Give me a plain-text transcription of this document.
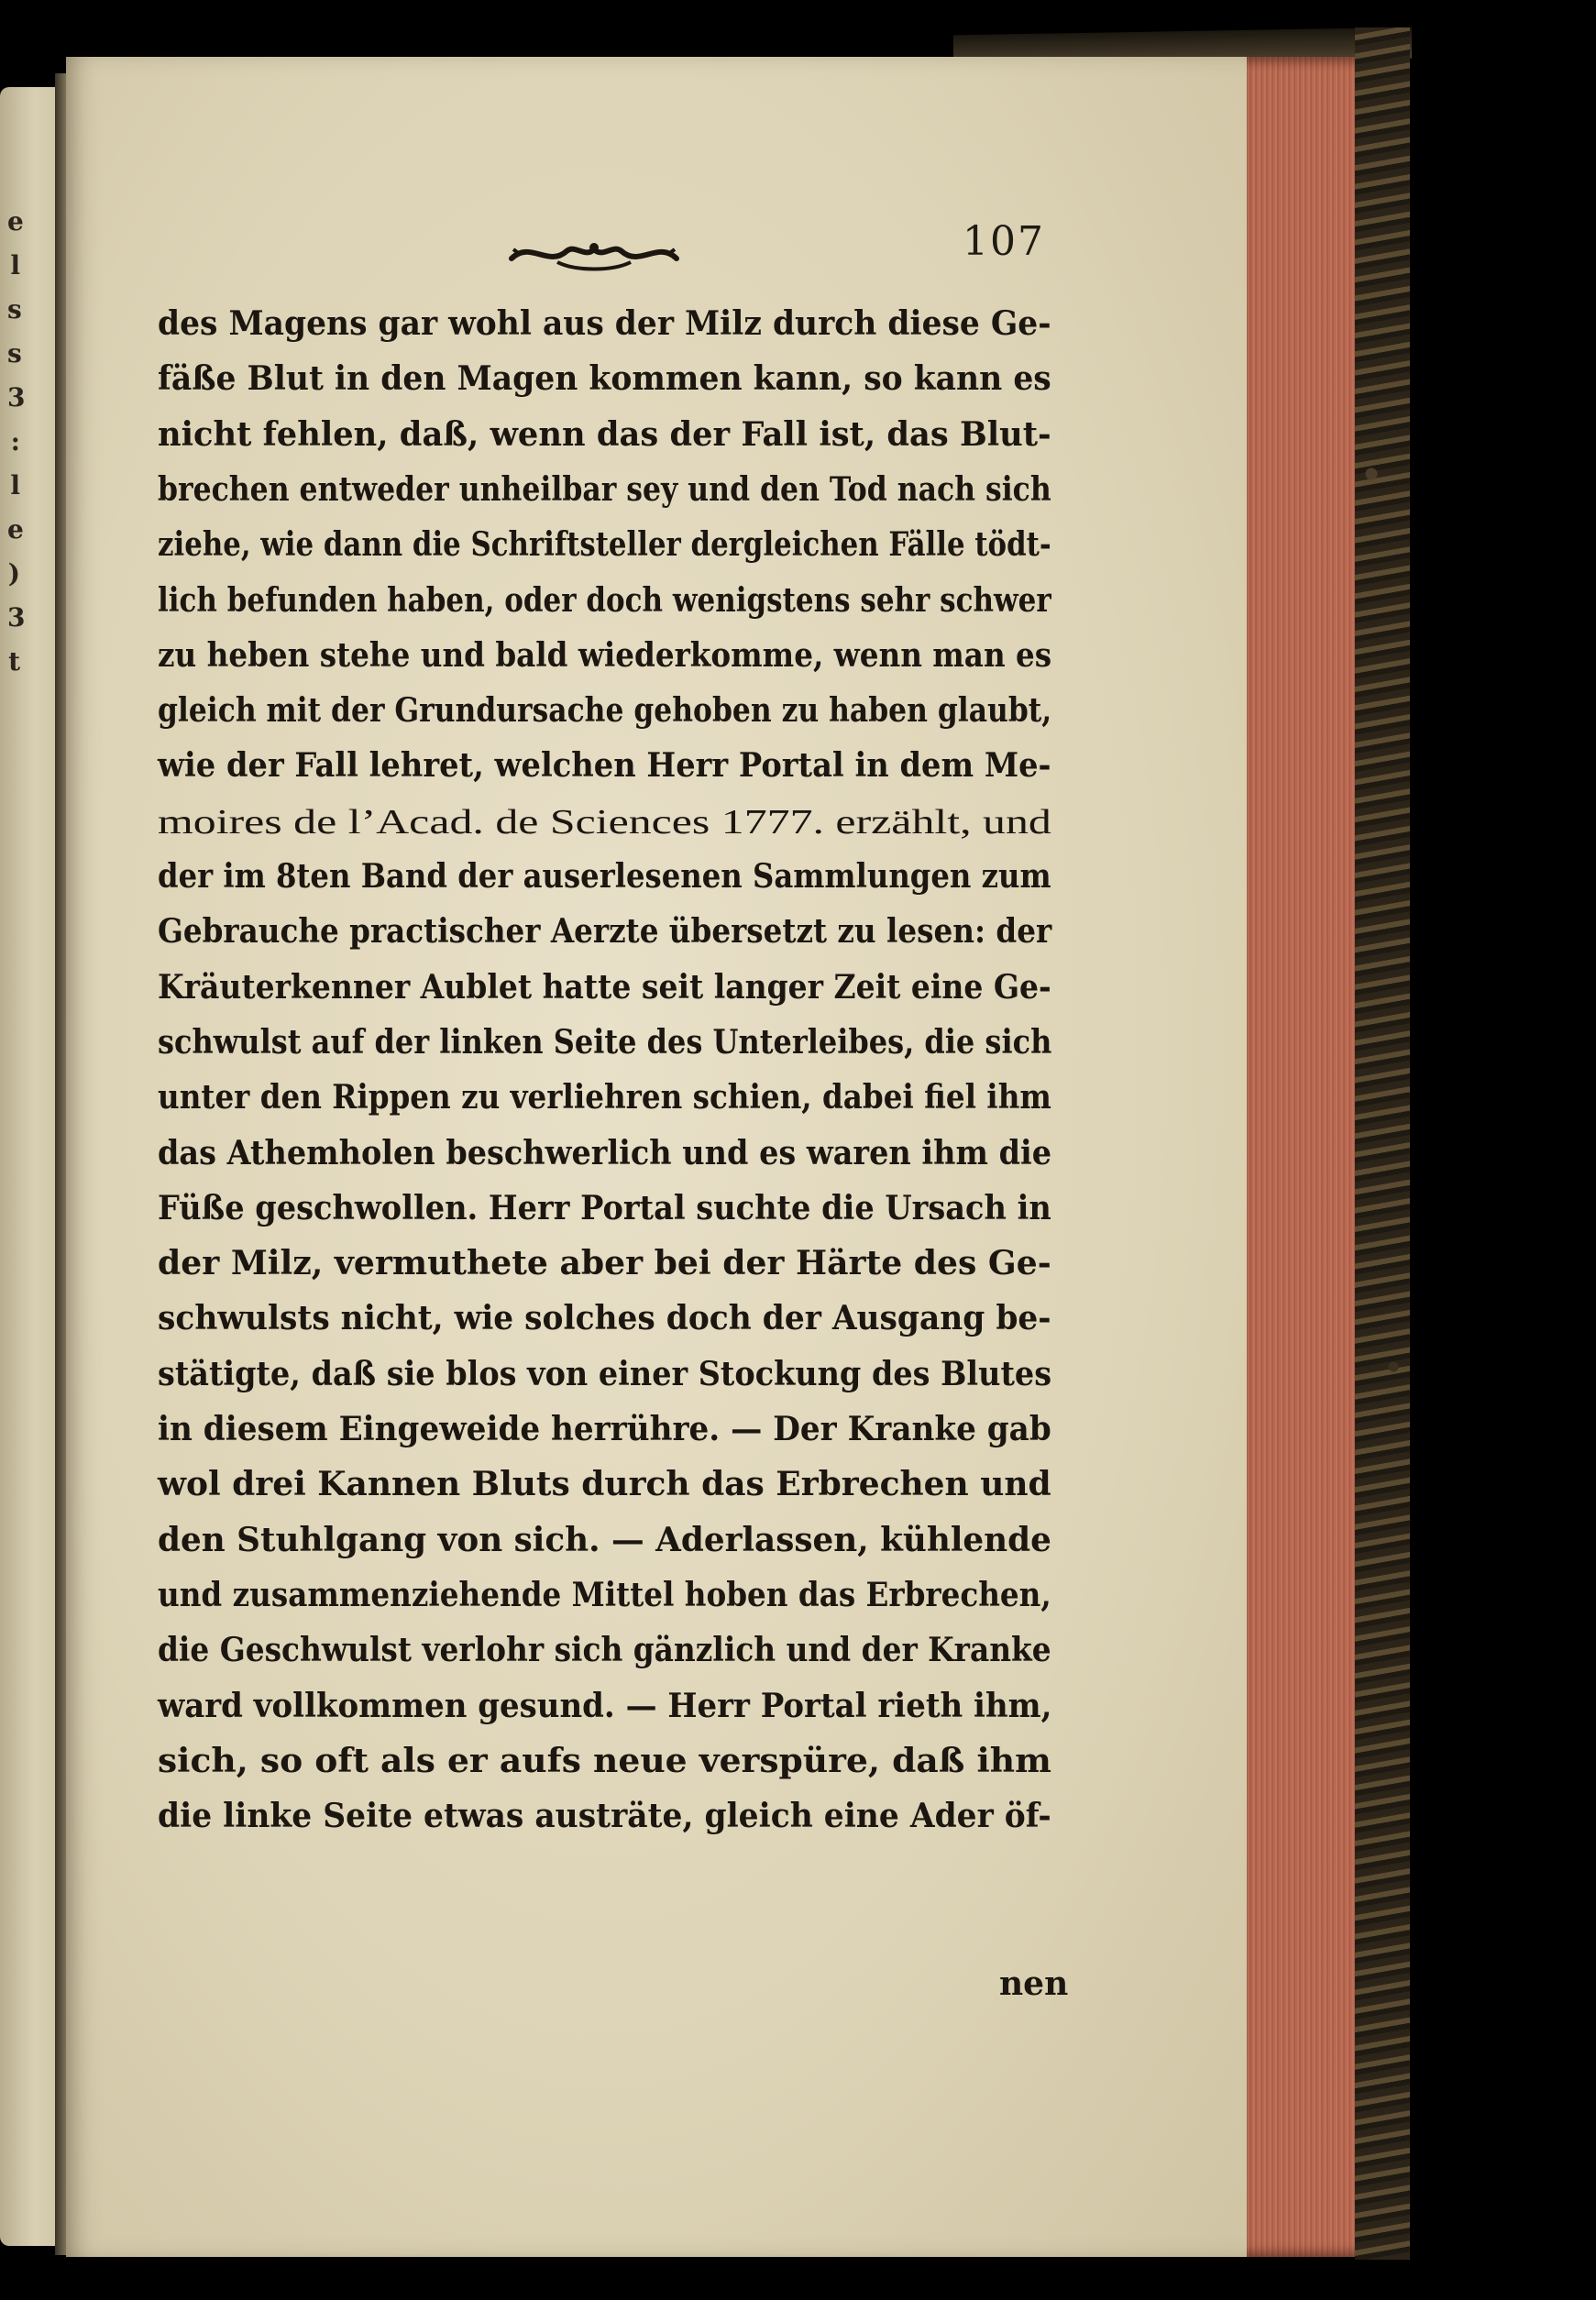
e
l
s
s
3
:
l
e
)
3
t
107
des Magens gar wohl aus der Milz durch diese Ge-
fäße Blut in den Magen kommen kann, so kann es
nicht fehlen, daß, wenn das der Fall ist, das Blut-
brechen entweder unheilbar sey und den Tod nach sich
ziehe, wie dann die Schriftsteller dergleichen Fälle tödt-
lich befunden haben, oder doch wenigstens sehr schwer
zu heben stehe und bald wiederkomme, wenn man es
gleich mit der Grundursache gehoben zu haben glaubt,
wie der Fall lehret, welchen Herr Portal in dem Me-
moires de l’Acad. de Sciences 1777. erzählt, und
der im 8ten Band der auserlesenen Sammlungen zum
Gebrauche practischer Aerzte übersetzt zu lesen: der
Kräuterkenner Aublet hatte seit langer Zeit eine Ge-
schwulst auf der linken Seite des Unterleibes, die sich
unter den Rippen zu verliehren schien, dabei fiel ihm
das Athemholen beschwerlich und es waren ihm die
Füße geschwollen. Herr Portal suchte die Ursach in
der Milz, vermuthete aber bei der Härte des Ge-
schwulsts nicht, wie solches doch der Ausgang be-
stätigte, daß sie blos von einer Stockung des Blutes
in diesem Eingeweide herrühre. — Der Kranke gab
wol drei Kannen Bluts durch das Erbrechen und
den Stuhlgang von sich. — Aderlassen, kühlende
und zusammenziehende Mittel hoben das Erbrechen,
die Geschwulst verlohr sich gänzlich und der Kranke
ward vollkommen gesund. — Herr Portal rieth ihm,
sich, so oft als er aufs neue verspüre, daß ihm
die linke Seite etwas austräte, gleich eine Ader öf-
nen
